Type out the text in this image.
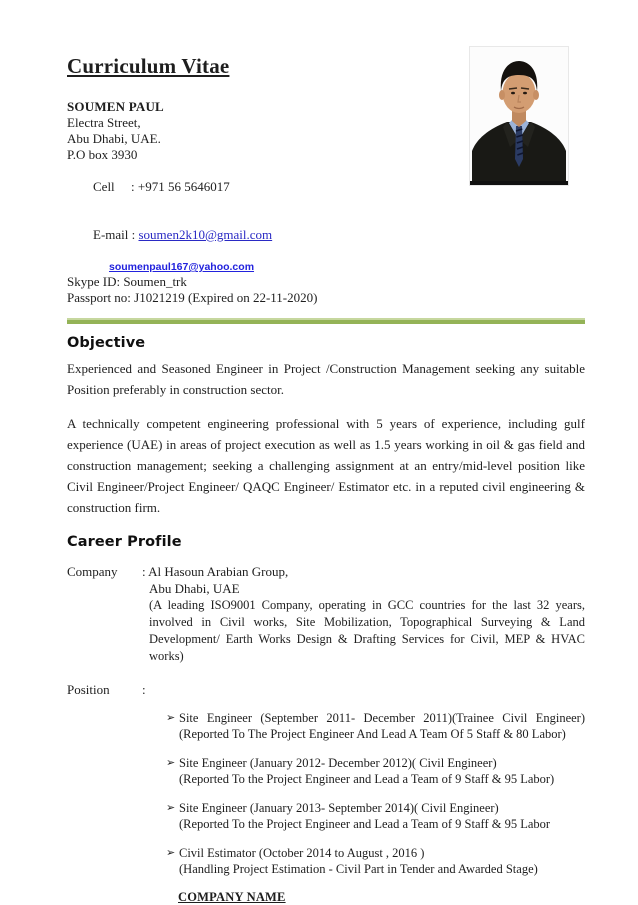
Curriculum Vitae
SOUMEN PAUL
Electra Street,
Abu Dhabi, UAE.
P.O box 3930

Cell : +971 56 5646017

E-mail : soumen2k10@gmail.com

soumenpaul167@yahoo.com
Skype ID: Soumen_trk
Passport no: J1021219 (Expired on 22-11-2020)
Objective

Experienced and Seasoned Engineer in Project /Construction Management seeking any suitable Position preferably in construction sector.

A technically competent engineering professional with 5 years of experience, including gulf experience (UAE) in areas of project execution as well as 1.5 years working in oil & gas field and construction management; seeking a challenging assignment at an entry/mid-level position like Civil Engineer/Project Engineer/ QAQC Engineer/ Estimator etc. in a reputed civil engineering & construction firm.

Career Profile
Company	: Al Hasoun Arabian Group,
Abu Dhabi, UAE
(A leading ISO9001 Company, operating in GCC countries for the last 32 years, involved in Civil works, Site Mobilization, Topographical Surveying & Land Development/ Earth Works Design & Drafting Services for Civil, MEP & HVAC works)
Position	:
➢ Site Engineer (September 2011- December 2011)(Trainee Civil Engineer)
(Reported To The Project Engineer And Lead A Team Of 5 Staff & 80 Labor)
➢ Site Engineer (January 2012- December 2012)( Civil Engineer)
(Reported To the Project Engineer and Lead a Team of 9 Staff & 95 Labor)
➢ Site Engineer (January 2013- September 2014)( Civil Engineer)
(Reported To the Project Engineer and Lead a Team of 9 Staff & 95 Labor
➢ Civil Estimator (October 2014 to August , 2016 )
(Handling Project Estimation - Civil Part in Tender and Awarded Stage)
COMPANY NAME
